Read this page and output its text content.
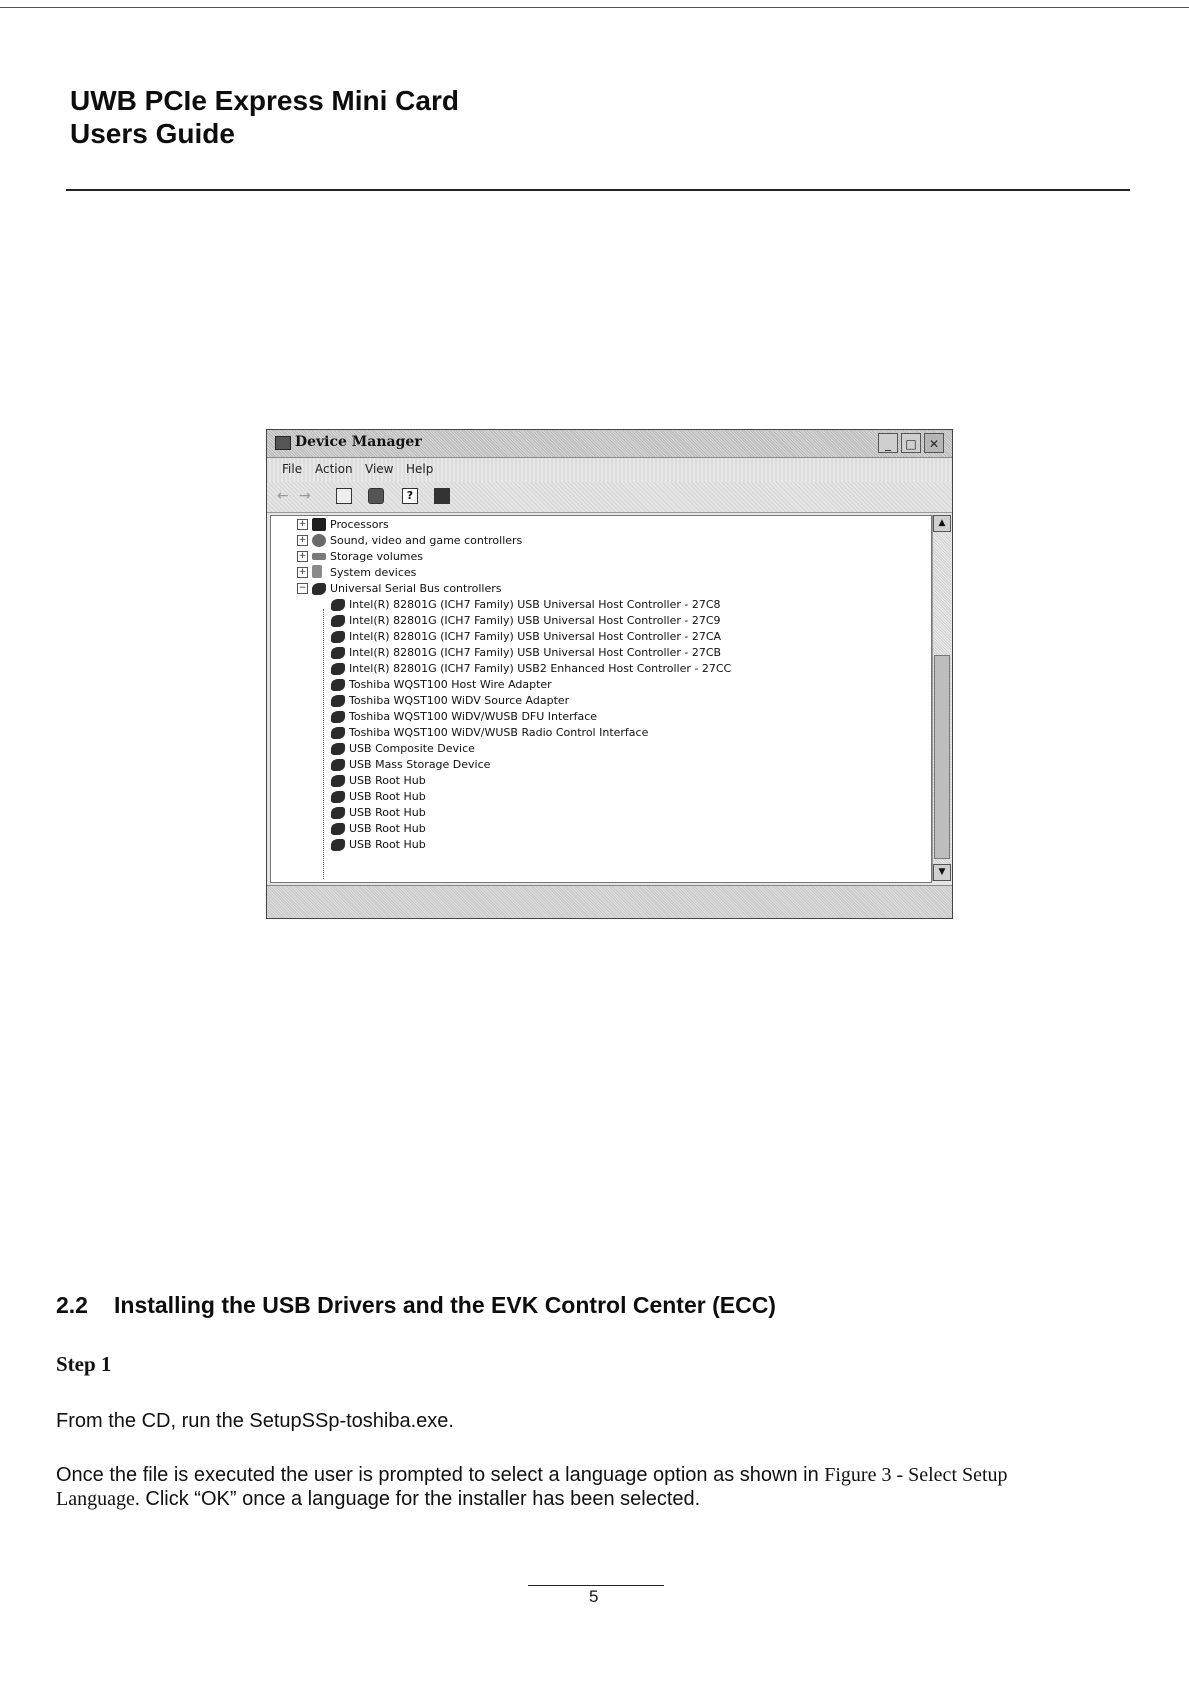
UWB PCIe Express Mini Card
Users Guide
Device Manager	_	□	✕
File Action View Help
← →	?
+ Processors
+ Sound, video and game controllers
+ Storage volumes
+ System devices
− Universal Serial Bus controllers
Intel(R) 82801G (ICH7 Family) USB Universal Host Controller - 27C8
Intel(R) 82801G (ICH7 Family) USB Universal Host Controller - 27C9
Intel(R) 82801G (ICH7 Family) USB Universal Host Controller - 27CA
Intel(R) 82801G (ICH7 Family) USB Universal Host Controller - 27CB
Intel(R) 82801G (ICH7 Family) USB2 Enhanced Host Controller - 27CC
Toshiba WQST100 Host Wire Adapter
Toshiba WQST100 WiDV Source Adapter
Toshiba WQST100 WiDV/WUSB DFU Interface
Toshiba WQST100 WiDV/WUSB Radio Control Interface
USB Composite Device
USB Mass Storage Device
USB Root Hub
USB Root Hub
USB Root Hub
USB Root Hub
USB Root Hub
▲
▼
2.2 Installing the USB Drivers and the EVK Control Center (ECC)
Step 1
From the CD, run the SetupSSp-toshiba.exe.
Once the file is executed the user is prompted to select a language option as shown in Figure 3 - Select Setup Language. Click “OK” once a language for the installer has been selected.
5
